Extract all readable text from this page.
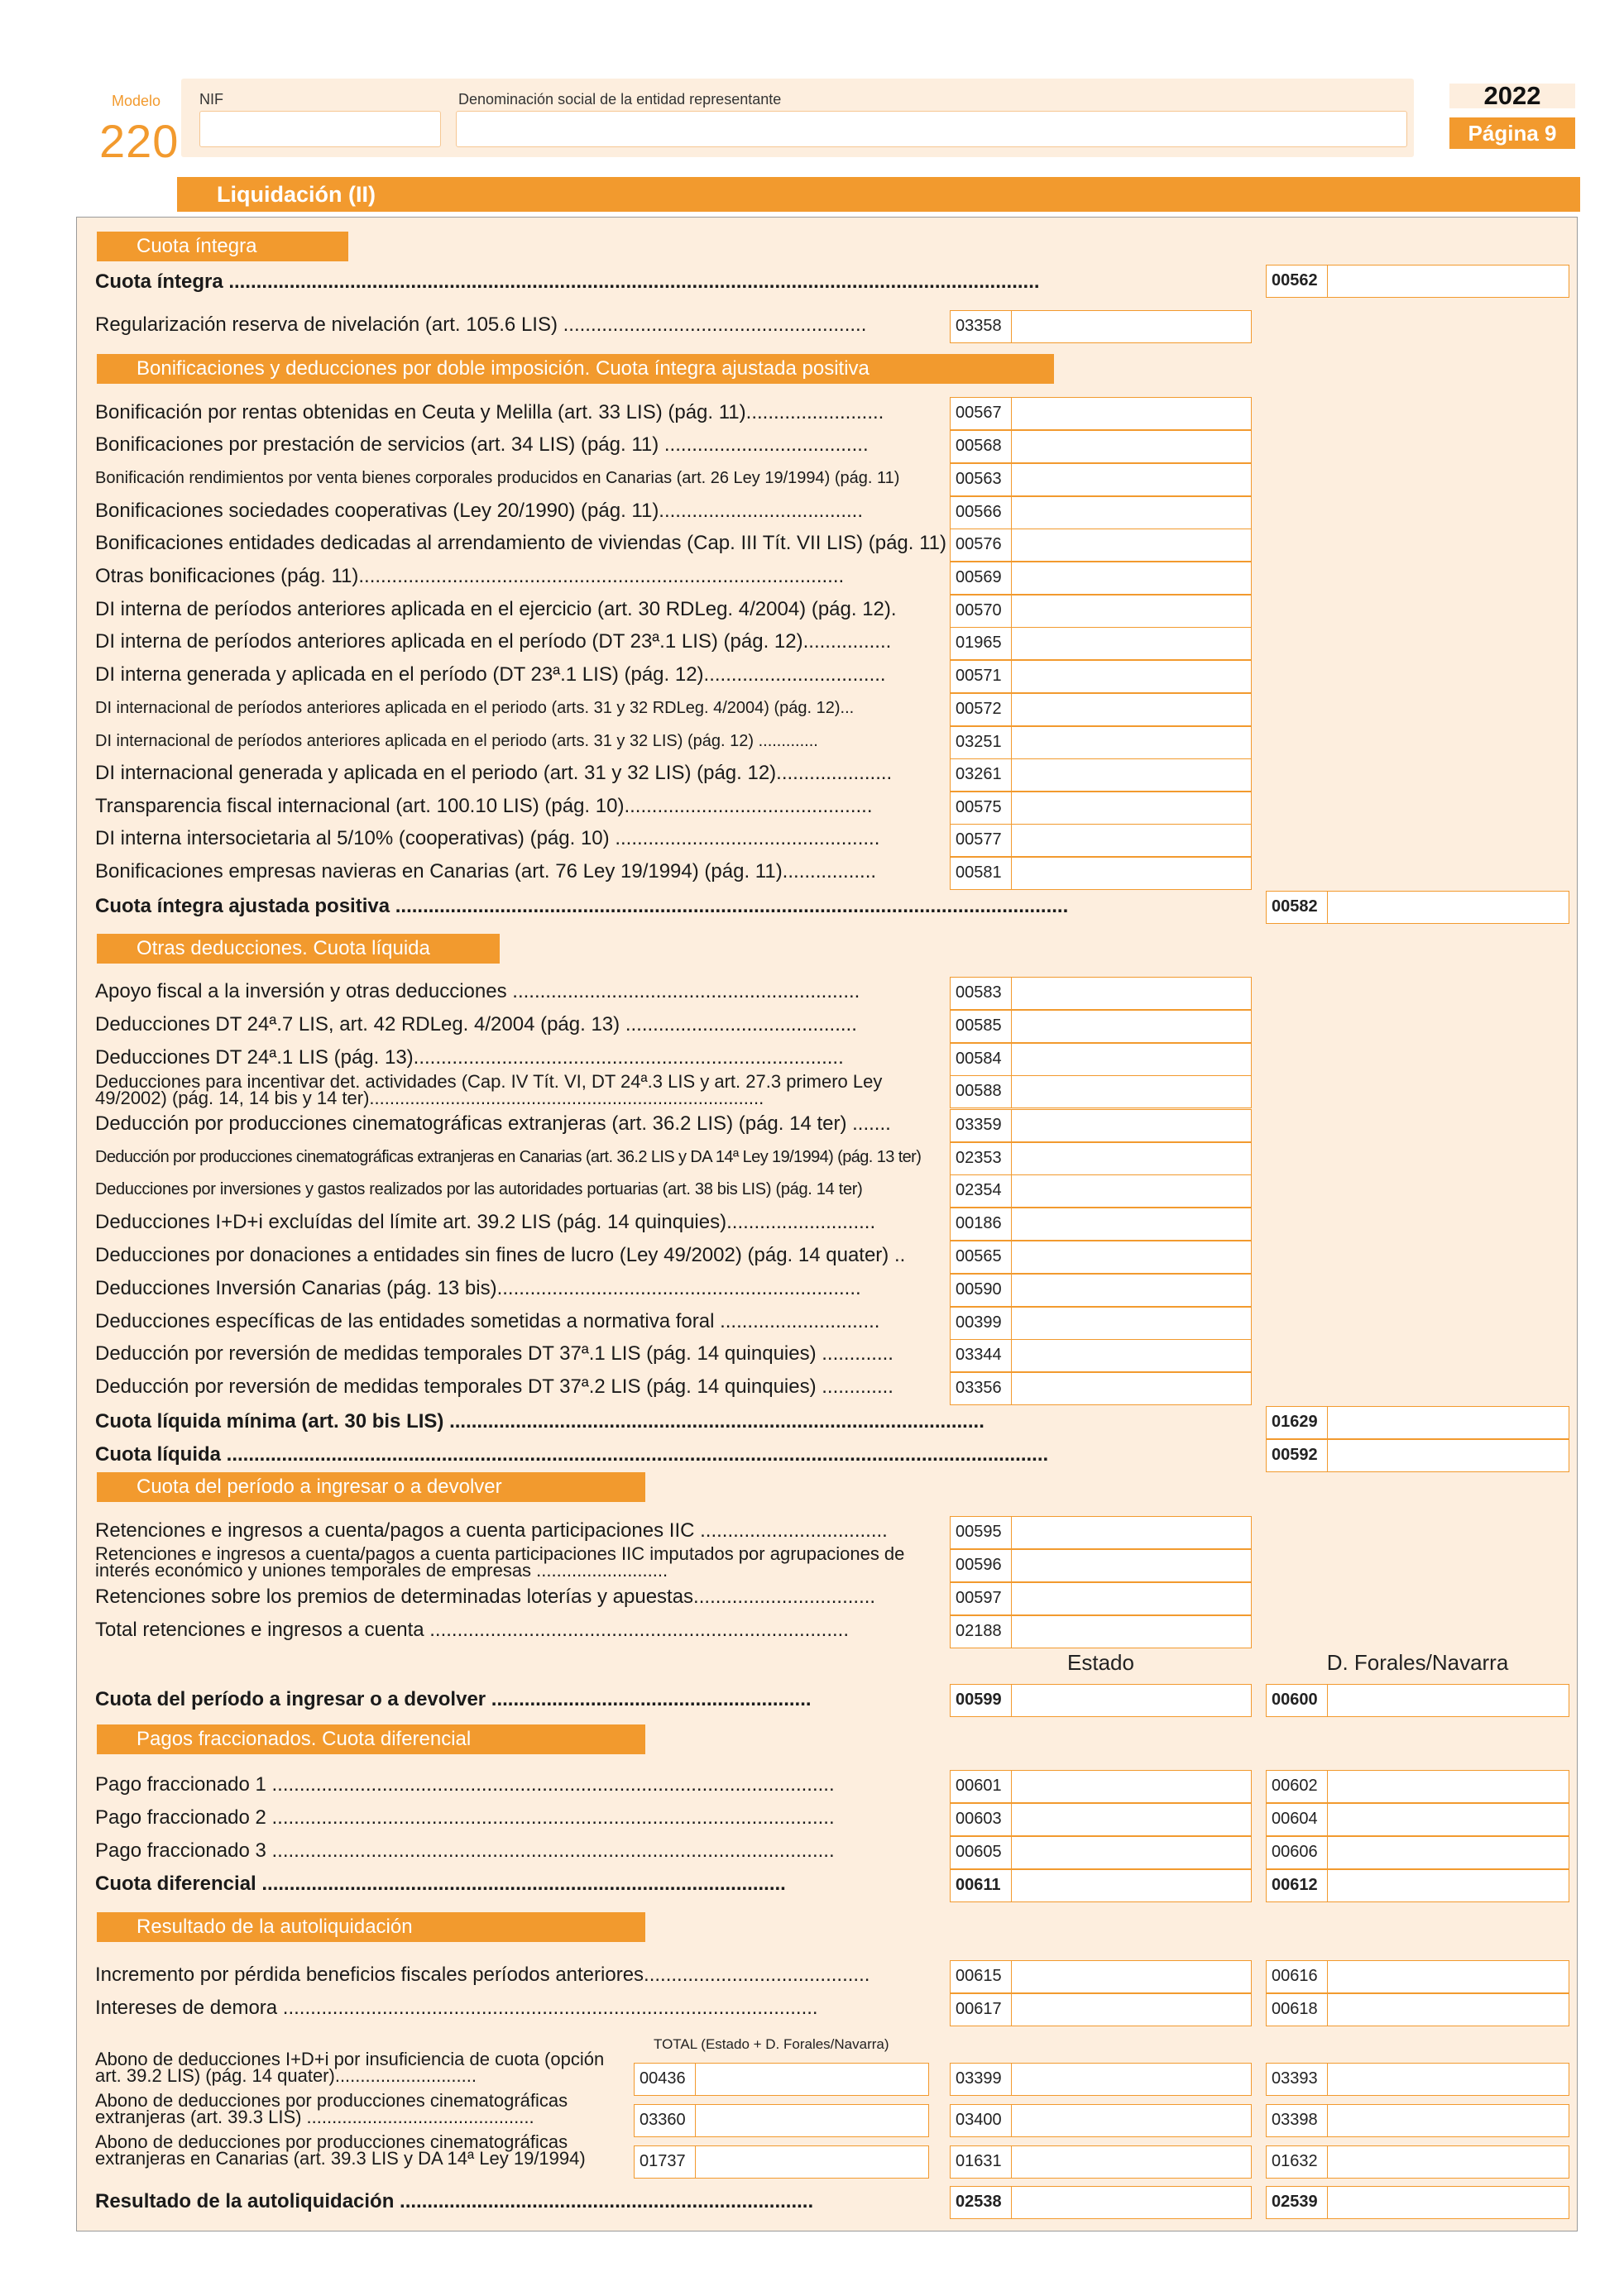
Modelo
220
NIF	Denominación social de la entidad representante	2022
Página 9
Liquidación (II)
Cuota íntegra
Cuota íntegra ...................................................................................................................................................	00562
Regularización reserva de nivelación (art. 105.6 LIS) .......................................................	03358
Bonificaciones y deducciones por doble imposición. Cuota íntegra ajustada positiva
Bonificación por rentas obtenidas en Ceuta y Melilla (art. 33 LIS) (pág. 11).........................	00567
Bonificaciones por prestación de servicios (art. 34 LIS) (pág. 11) .....................................	00568
Bonificación rendimientos por venta bienes corporales producidos en Canarias (art. 26 Ley 19/1994) (pág. 11)	00563
Bonificaciones sociedades cooperativas (Ley 20/1990) (pág. 11).....................................	00566
Bonificaciones entidades dedicadas al arrendamiento de viviendas (Cap. III Tít. VII LIS) (pág. 11) 00576
Otras bonificaciones (pág. 11)........................................................................................	00569
DI interna de períodos anteriores aplicada en el ejercicio (art. 30 RDLeg. 4/2004) (pág. 12).	00570
DI interna de períodos anteriores aplicada en el período (DT 23ª.1 LIS) (pág. 12)................	01965
DI interna generada y aplicada en el período (DT 23ª.1 LIS) (pág. 12).................................	00571
DI internacional de períodos anteriores aplicada en el periodo (arts. 31 y 32 RDLeg. 4/2004) (pág. 12)...	00572
DI internacional de períodos anteriores aplicada en el periodo (arts. 31 y 32 LIS) (pág. 12) .............	03251
DI internacional generada y aplicada en el periodo (art. 31 y 32 LIS) (pág. 12).....................	03261
Transparencia fiscal internacional (art. 100.10 LIS) (pág. 10).............................................	00575
DI interna intersocietaria al 5/10% (cooperativas) (pág. 10) ................................................	00577
Bonificaciones empresas navieras en Canarias (art. 76 Ley 19/1994) (pág. 11).................	00581
Cuota íntegra ajustada positiva ..........................................................................................................................	00582
Otras deducciones. Cuota líquida
Apoyo fiscal a la inversión y otras deducciones ...............................................................	00583
Deducciones DT 24ª.7 LIS, art. 42 RDLeg. 4/2004 (pág. 13) ..........................................	00585
Deducciones DT 24ª.1 LIS (pág. 13)..............................................................................	00584
Deducciones para incentivar det. actividades (Cap. IV Tít. VI, DT 24ª.3 LIS y art. 27.3 primero Ley 49/2002) (pág. 14, 14 bis y 14 ter)..............................................................................	00588
Deducción por producciones cinematográficas extranjeras (art. 36.2 LIS) (pág. 14 ter) .......	03359
Deducción por producciones cinematográficas extranjeras en Canarias (art. 36.2 LIS y DA 14ª Ley 19/1994) (pág. 13 ter)	02353
Deducciones por inversiones y gastos realizados por las autoridades portuarias (art. 38 bis LIS) (pág. 14 ter)	02354
Deducciones I+D+i excluídas del límite art. 39.2 LIS (pág. 14 quinquies)...........................	00186
Deducciones por donaciones a entidades sin fines de lucro (Ley 49/2002) (pág. 14 quater) ..	00565
Deducciones Inversión Canarias (pág. 13 bis)..................................................................	00590
Deducciones específicas de las entidades sometidas a normativa foral .............................	00399
Deducción por reversión de medidas temporales DT 37ª.1 LIS (pág. 14 quinquies) .............	03344
Deducción por reversión de medidas temporales DT 37ª.2 LIS (pág. 14 quinquies) .............	03356
Cuota líquida mínima (art. 30 bis LIS) .................................................................................................	01629
Cuota líquida .....................................................................................................................................................	00592
Cuota del período a ingresar o a devolver
Retenciones e ingresos a cuenta/pagos a cuenta participaciones IIC ..................................	00595
Retenciones e ingresos a cuenta/pagos a cuenta participaciones IIC imputados por agrupaciones de interés económico y uniones temporales de empresas ..........................	00596
Retenciones sobre los premios de determinadas loterías y apuestas.................................	00597
Total retenciones e ingresos a cuenta ............................................................................	02188
Estado	D. Forales/Navarra
Cuota del período a ingresar o a devolver ..........................................................	00599	00600
Pagos fraccionados. Cuota diferencial
Pago fraccionado 1 ......................................................................................................	00601	00602
Pago fraccionado 2 ......................................................................................................	00603	00604
Pago fraccionado 3 ......................................................................................................	00605	00606
Cuota diferencial ...............................................................................................	00611	00612
Resultado de la autoliquidación
Incremento por pérdida beneficios fiscales períodos anteriores.........................................	00615	00616
Intereses de demora .................................................................................................	00617	00618
TOTAL (Estado + D. Forales/Navarra)
Abono de deducciones I+D+i por insuficiencia de cuota (opción art. 39.2 LIS) (pág. 14 quater)............................	00436	03399	03393
Abono de deducciones por producciones cinematográficas extranjeras (art. 39.3 LIS) .............................................	03360	03400	03398
Abono de deducciones por producciones cinematográficas extranjeras en Canarias (art. 39.3 LIS y DA 14ª Ley 19/1994)	01737	01631	01632
Resultado de la autoliquidación ...........................................................................	02538	02539
